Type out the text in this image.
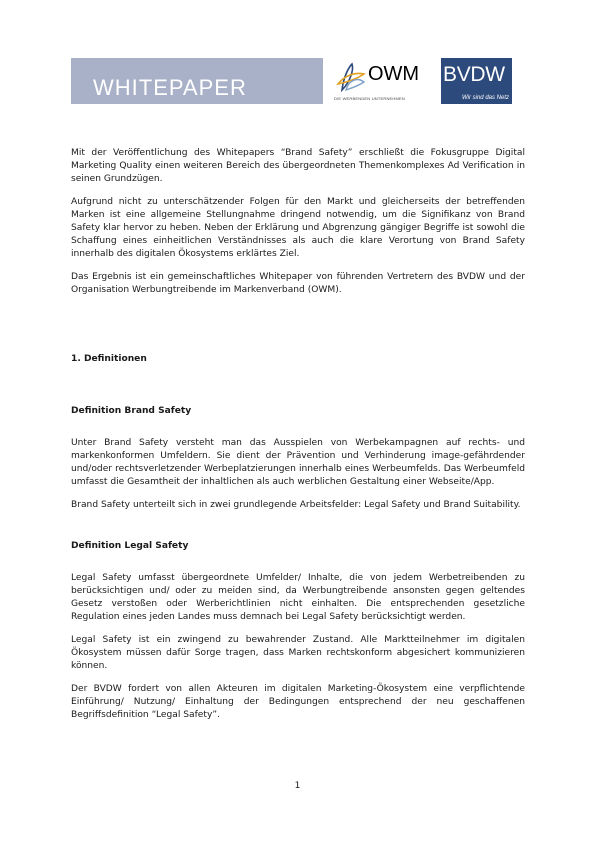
WHITEPAPER
OWM
DIE WERBENDEN UNTERNEHMEN
BVDW
Wir sind das Netz

Mit der Veröffentlichung des Whitepapers “Brand Safety” erschließt die Fokusgruppe Digital Marketing Quality einen weiteren Bereich des übergeordneten Themenkomplexes Ad Verification in seinen Grundzügen.

Aufgrund nicht zu unterschätzender Folgen für den Markt und gleicherseits der betreffenden Marken ist eine allgemeine Stellungnahme dringend notwendig, um die Signifikanz von Brand Safety klar hervor zu heben. Neben der Erklärung und Abgrenzung gängiger Begriffe ist sowohl die Schaffung eines einheitlichen Verständnisses als auch die klare Verortung von Brand Safety innerhalb des digitalen Ökosystems erklärtes Ziel.

Das Ergebnis ist ein gemeinschaftliches Whitepaper von führenden Vertretern des BVDW und der Organisation Werbungtreibende im Markenverband (OWM).

1. Definitionen

Definition Brand Safety

Unter Brand Safety versteht man das Ausspielen von Werbekampagnen auf rechts- und markenkonformen Umfeldern. Sie dient der Prävention und Verhinderung image-gefährdender und/oder rechtsverletzender Werbeplatzierungen innerhalb eines Werbeumfelds. Das Werbeumfeld umfasst die Gesamtheit der inhaltlichen als auch werblichen Gestaltung einer Webseite/App.

Brand Safety unterteilt sich in zwei grundlegende Arbeitsfelder: Legal Safety und Brand Suitability.

Definition Legal Safety

Legal Safety umfasst übergeordnete Umfelder/ Inhalte, die von jedem Werbetreibenden zu berücksichtigen und/ oder zu meiden sind, da Werbungtreibende ansonsten gegen geltendes Gesetz verstoßen oder Werberichtlinien nicht einhalten. Die entsprechenden gesetzliche Regulation eines jeden Landes muss demnach bei Legal Safety berücksichtigt werden.

Legal Safety ist ein zwingend zu bewahrender Zustand. Alle Marktteilnehmer im digitalen Ökosystem müssen dafür Sorge tragen, dass Marken rechtskonform abgesichert kommunizieren können.

Der BVDW fordert von allen Akteuren im digitalen Marketing-Ökosystem eine verpflichtende Einführung/ Nutzung/ Einhaltung der Bedingungen entsprechend der neu geschaffenen Begriffsdefinition “Legal Safety”.

1
